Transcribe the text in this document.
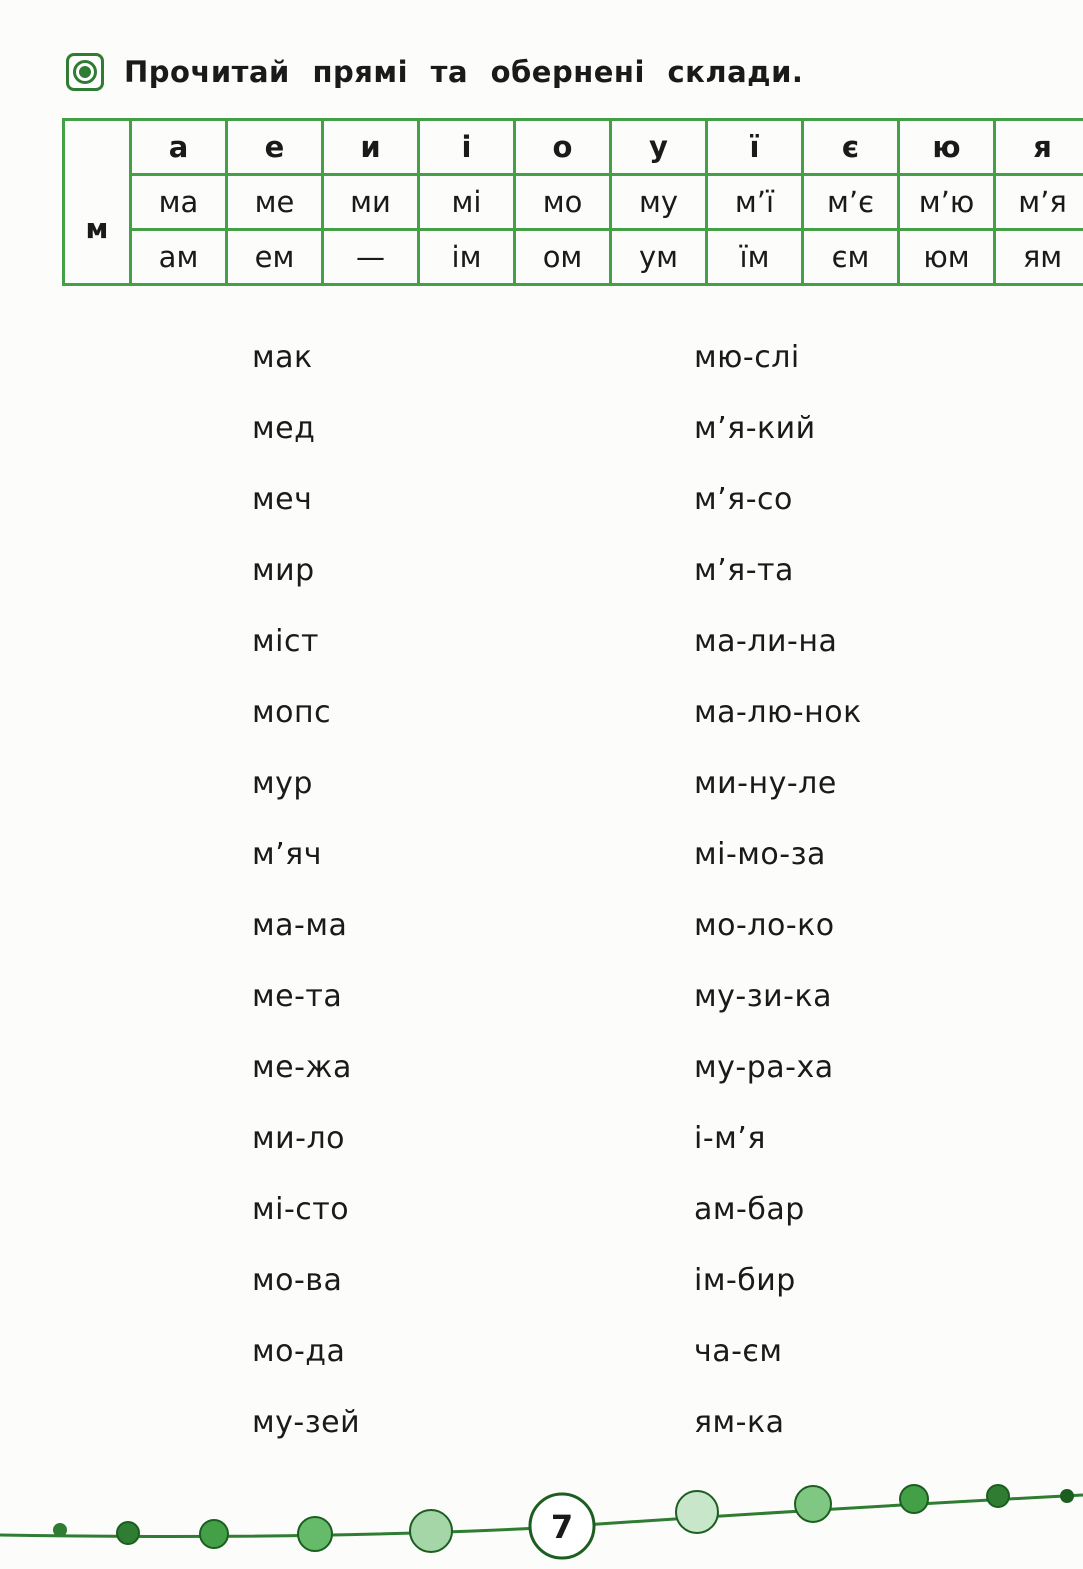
Прочитай прямі та обернені склади.
	а	е	и	і	о	у	ї	є	ю	я
м	ма	ме	ми	мі	мо	му	м’ї	м’є	м’ю	м’я
	ам	ем	—	ім	ом	ум	їм	єм	юм	ям
мак
мед
меч
мир
міст
мопс
мур
м’яч
ма-ма
ме-та
ме-жа
ми-ло
мі-сто
мо-ва
мо-да
му-зей
мю-слі
м’я-кий
м’я-со
м’я-та
ма-ли-на
ма-лю-нок
ми-ну-ле
мі-мо-за
мо-ло-ко
му-зи-ка
му-ра-ха
і-м’я
ам-бар
ім-бир
ча-єм
ям-ка
7
